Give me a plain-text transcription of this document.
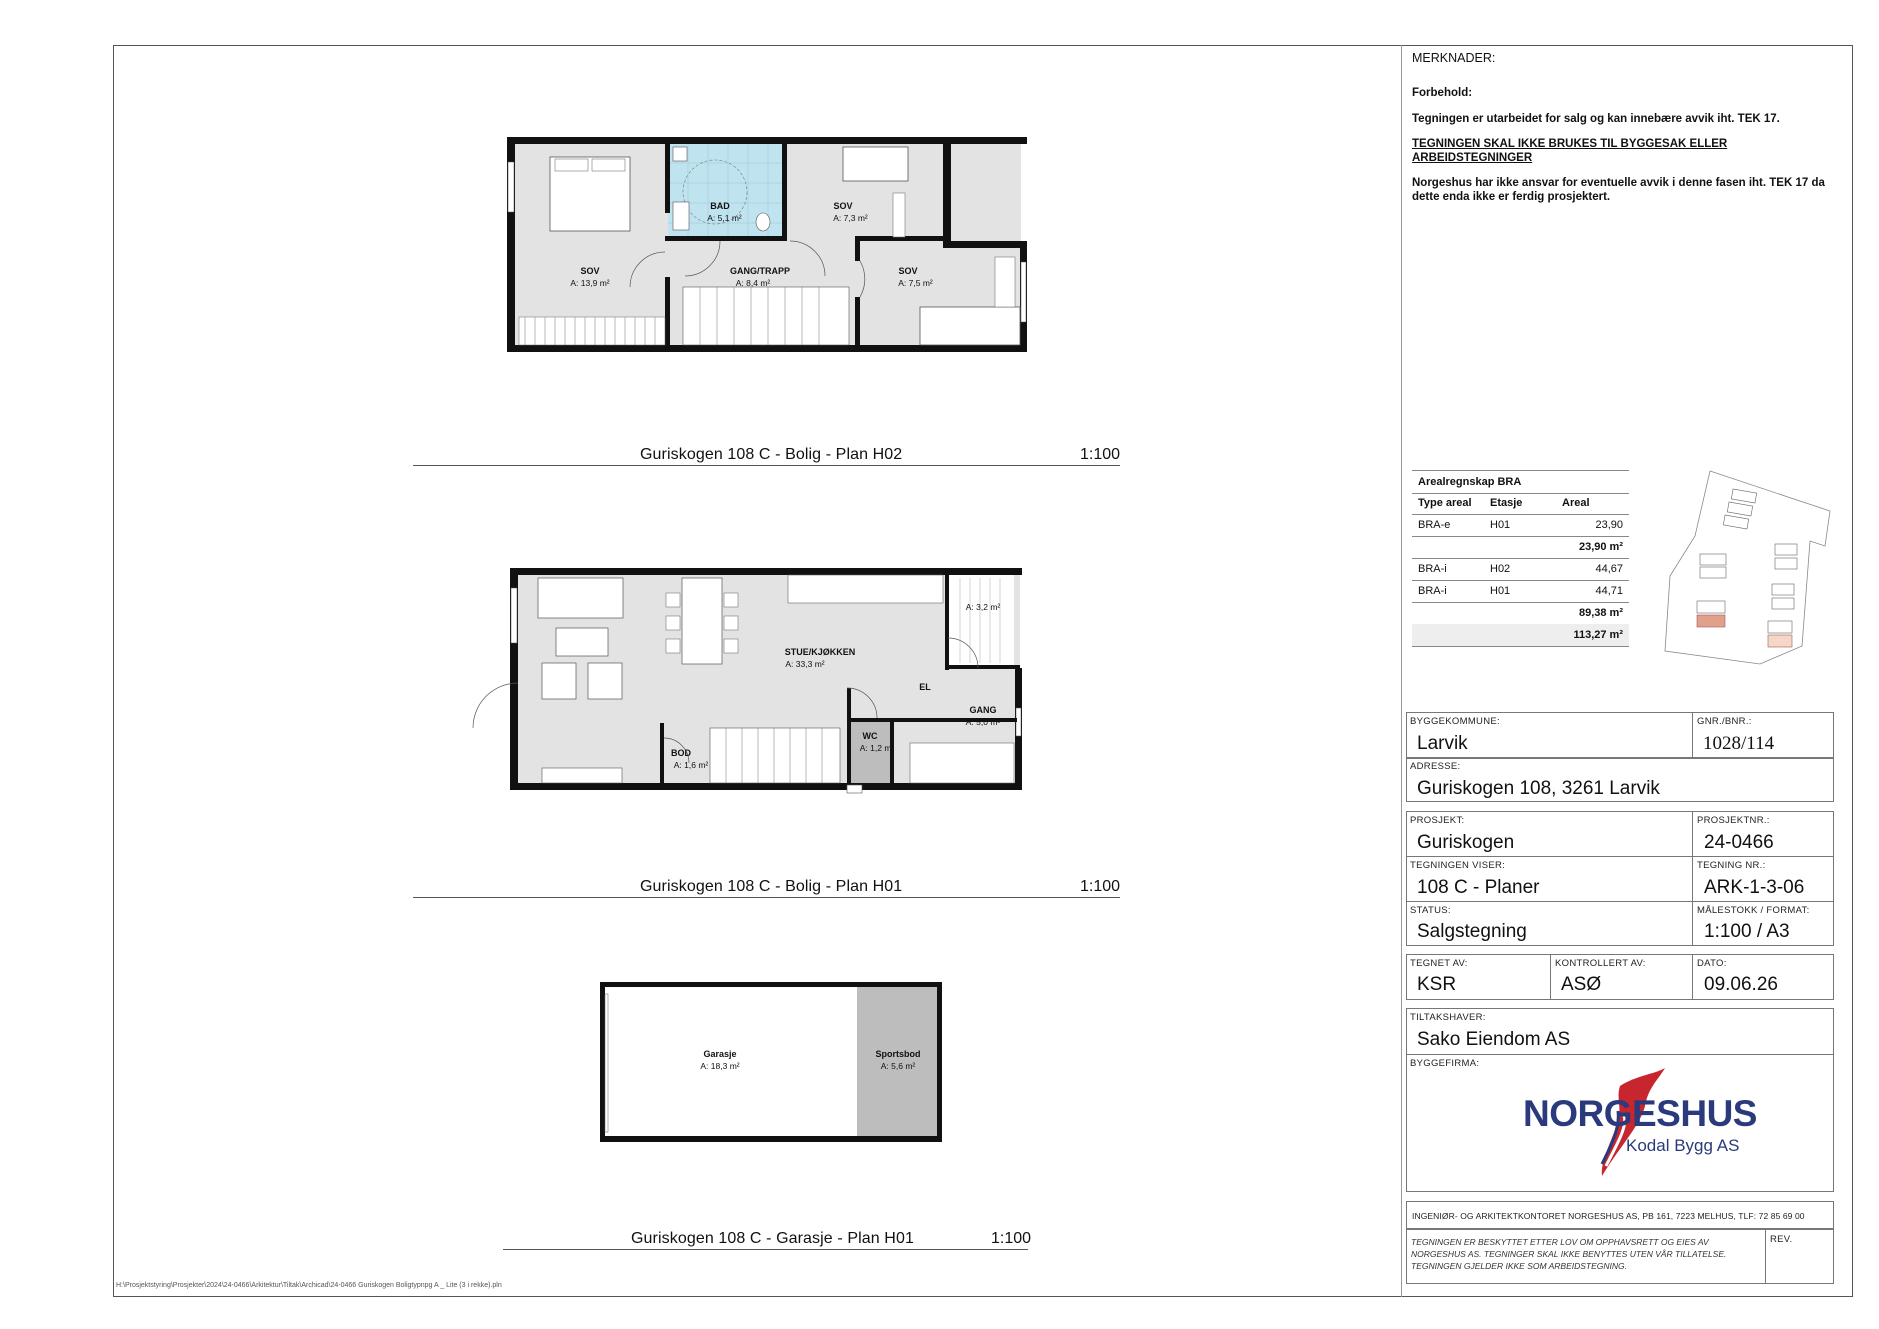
SOV
A: 13,9 m²
BAD
A: 5,1 m²
SOV
A: 7,3 m²
GANG/TRAPP
A: 8,4 m²
SOV
A: 7,5 m²
Guriskogen 108 C - Bolig - Plan H02	1:100
STUE/KJØKKEN
A: 33,3 m²
A: 3,2 m²
EL
GANG
A: 5,0 m²
BOD
A: 1,6 m²
WC
A: 1,2 m²
Guriskogen 108 C - Bolig - Plan H01	1:100
Garasje
A: 18,3 m²
Sportsbod
A: 5,6 m²
Guriskogen 108 C - Garasje - Plan H01	1:100
H:\Prosjektstyring\Prosjekter\2024\24-0466\Arkitektur\Tiltak\Archicad\24-0466 Guriskogen Boligtypnpg A _ Lite (3 i rekke).pln
MERKNADER:
Forbehold:
Tegningen er utarbeidet for salg og kan innebære avvik iht. TEK 17.
TEGNINGEN SKAL IKKE BRUKES TIL BYGGESAK ELLER ARBEIDSTEGNINGER
Norgeshus har ikke ansvar for eventuelle avvik i denne fasen iht. TEK 17 da dette enda ikke er ferdig prosjektert.
Arealregnskap BRA
Type areal Etasje	Areal
BRA-e	H01	23,90
23,90 m²
BRA-i	H02	44,67
BRA-i	H01	44,71
89,38 m²
113,27 m²
BYGGEKOMMUNE:
Larvik
GNR./BNR.:
1028/114
ADRESSE:
Guriskogen 108, 3261 Larvik
PROSJEKT:
Guriskogen
PROSJEKTNR.:
24-0466
TEGNINGEN VISER:
108 C - Planer
TEGNING NR.:
ARK-1-3-06
STATUS:
Salgstegning
MÅLESTOKK / FORMAT:
1:100 / A3
TEGNET AV:
KSR
KONTROLLERT AV:
ASØ
DATO:
09.06.26
TILTAKSHAVER:
Sako Eiendom AS
BYGGEFIRMA:
NORGESHUS
Kodal Bygg AS
INGENIØR- OG ARKITEKTKONTORET NORGESHUS AS, PB 161, 7223 MELHUS, TLF: 72 85 69 00
TEGNINGEN ER BESKYTTET ETTER LOV OM OPPHAVSRETT OG EIES AV NORGESHUS AS. TEGNINGER SKAL IKKE BENYTTES UTEN VÅR TILLATELSE. TEGNINGEN GJELDER IKKE SOM ARBEIDSTEGNING.
REV.
